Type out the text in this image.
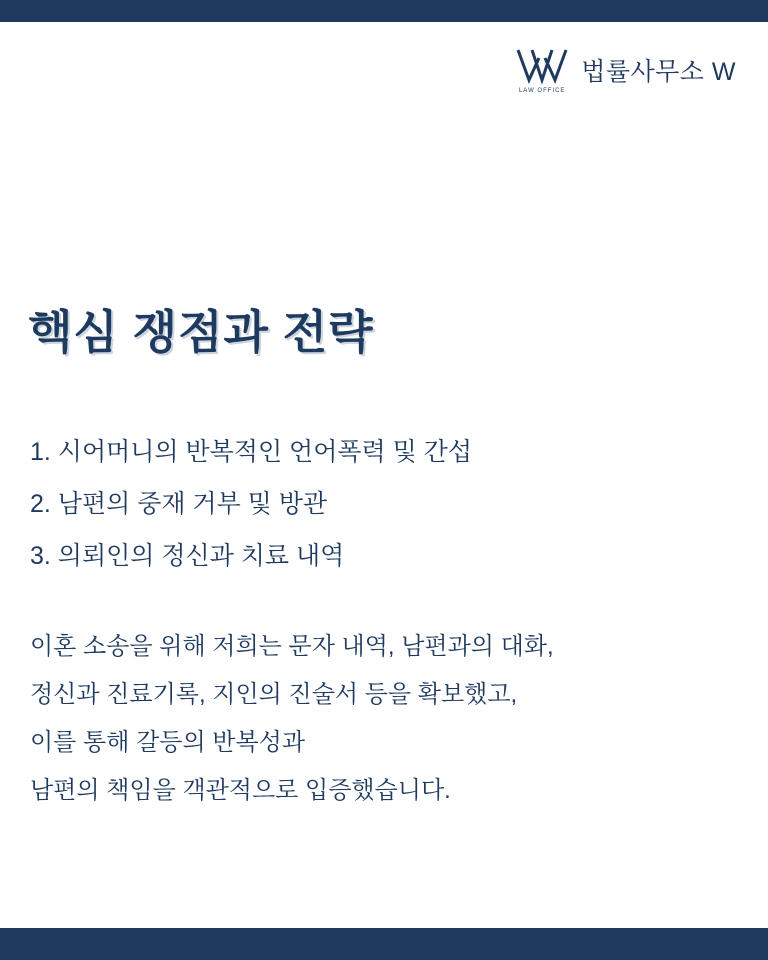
LAW OFFICE
법률사무소 W
핵심 쟁점과 전략
1. 시어머니의 반복적인 언어폭력 및 간섭
2. 남편의 중재 거부 및 방관
3. 의뢰인의 정신과 치료 내역
이혼 소송을 위해 저희는 문자 내역, 남편과의 대화,
정신과 진료기록, 지인의 진술서 등을 확보했고,
이를 통해 갈등의 반복성과
남편의 책임을 객관적으로 입증했습니다.
